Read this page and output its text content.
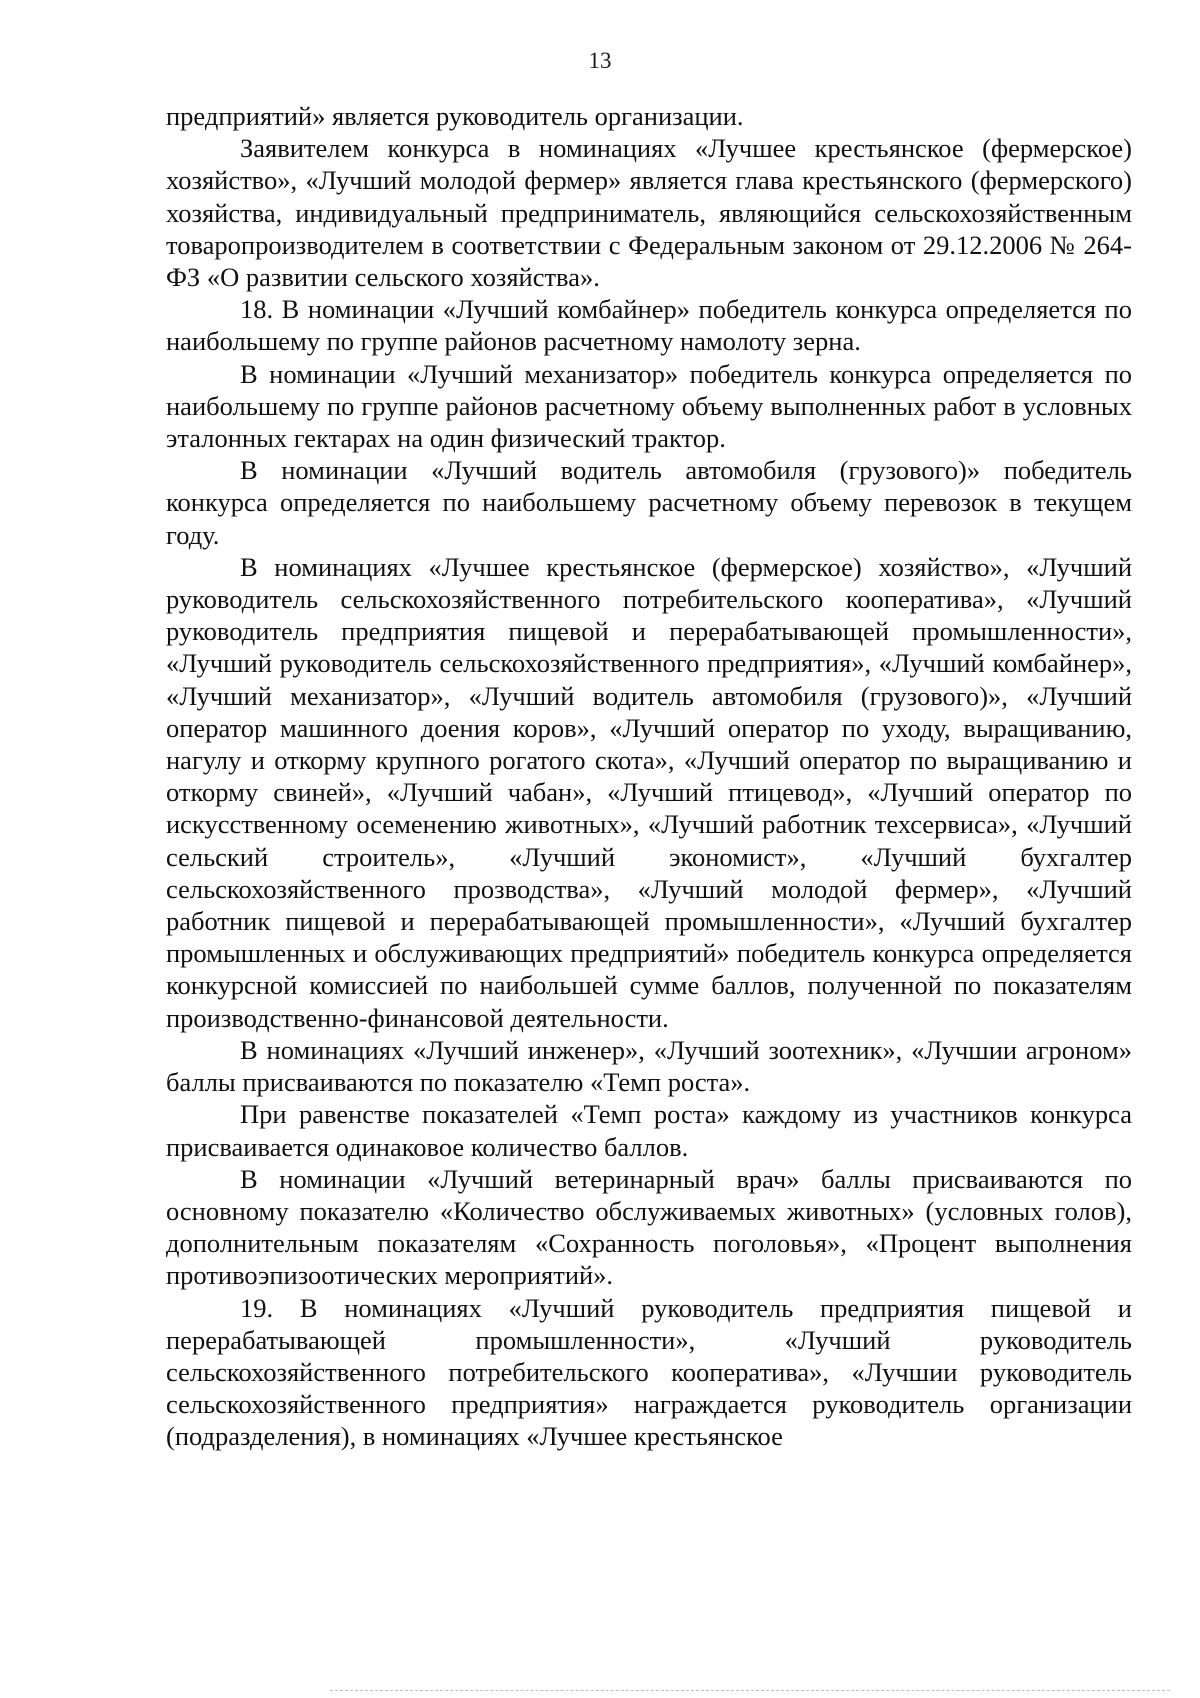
13

предприятий» является руководитель организации.

Заявителем конкурса в номинациях «Лучшее крестьянское (фермерское) хозяйство», «Лучший молодой фермер» является глава крестьянского (фермерского) хозяйства, индивидуальный предприниматель, являющийся сельскохозяйственным товаропроизводителем в соответствии с Федеральным законом от 29.12.2006 № 264-ФЗ «О развитии сельского хозяйства».

18. В номинации «Лучший комбайнер» победитель конкурса определяется по наибольшему по группе районов расчетному намолоту зерна.

В номинации «Лучший механизатор» победитель конкурса определяется по наибольшему по группе районов расчетному объему выполненных работ в условных эталонных гектарах на один физический трактор.

В номинации «Лучший водитель автомобиля (грузового)» победитель конкурса определяется по наибольшему расчетному объему перевозок в текущем году.

В номинациях «Лучшее крестьянское (фермерское) хозяйство», «Лучший руководитель сельскохозяйственного потребительского кооператива», «Лучший руководитель предприятия пищевой и перерабатывающей промышленности», «Лучший руководитель сельскохозяйственного предприятия», «Лучший комбайнер», «Лучший механизатор», «Лучший водитель автомобиля (грузового)», «Лучший оператор машинного доения коров», «Лучший оператор по уходу, выращиванию, нагулу и откорму крупного рогатого скота», «Лучший оператор по выращиванию и откорму свиней», «Лучший чабан», «Лучший птицевод», «Лучший оператор по искусственному осеменению животных», «Лучший работник техсервиса», «Лучший сельский строитель», «Лучший экономист», «Лучший бухгалтер сельскохозяйственного прозводства», «Лучший молодой фермер», «Лучший работник пищевой и перерабатывающей промышленности», «Лучший бухгалтер промышленных и обслуживающих предприятий» победитель конкурса определяется конкурсной комиссией по наибольшей сумме баллов, полученной по показателям производственно-финансовой деятельности.

В номинациях «Лучший инженер», «Лучший зоотехник», «Лучшии агроном» баллы присваиваются по показателю «Темп роста».

При равенстве показателей «Темп роста» каждому из участников конкурса присваивается одинаковое количество баллов.

В номинации «Лучший ветеринарный врач» баллы присваиваются по основному показателю «Количество обслуживаемых животных» (условных голов), дополнительным показателям «Сохранность поголовья», «Процент выполнения противоэпизоотических мероприятий».

19. В номинациях «Лучший руководитель предприятия пищевой и перерабатывающей промышленности», «Лучший руководитель сельскохозяйственного потребительского кооператива», «Лучшии руководитель сельскохозяйственного предприятия» награждается руководитель организации (подразделения), в номинациях «Лучшее крестьянское
